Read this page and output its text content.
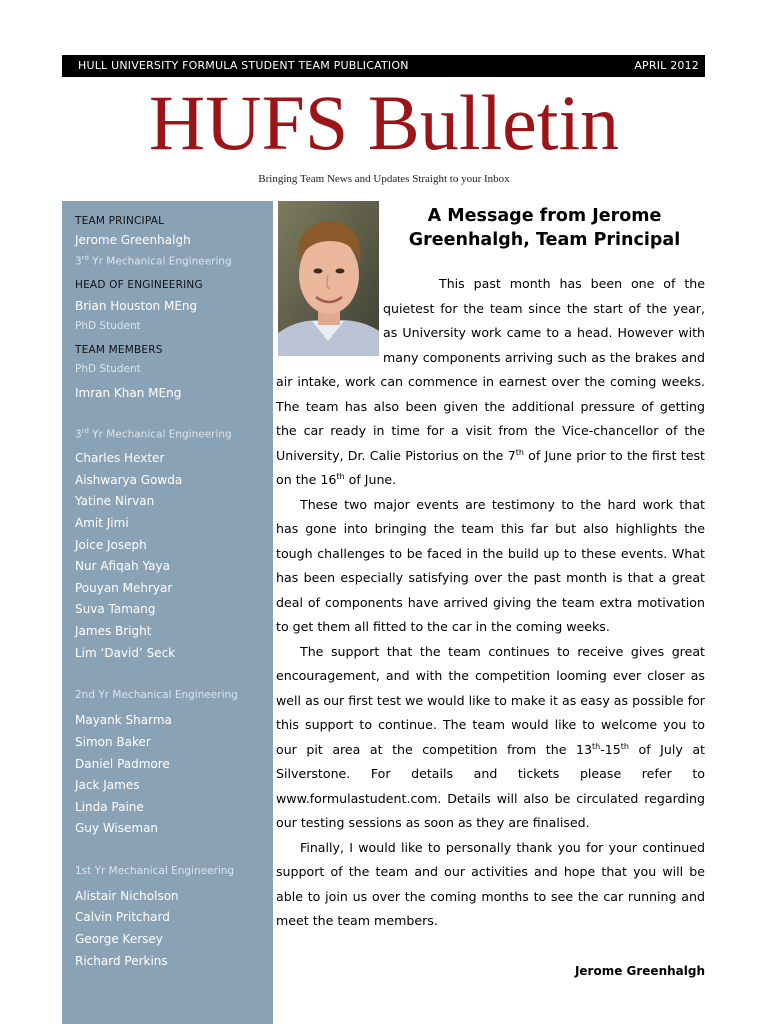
HULL UNIVERSITY FORMULA STUDENT TEAM PUBLICATION	APRIL 2012
HUFS Bulletin
Bringing Team News and Updates Straight to your Inbox
TEAM PRINCIPAL
Jerome Greenhalgh
3rd Yr Mechanical Engineering
HEAD OF ENGINEERING
Brian Houston MEng
PhD Student
TEAM MEMBERS
PhD Student
Imran Khan MEng
3rd Yr Mechanical Engineering
Charles Hexter
Aishwarya Gowda
Yatine Nirvan
Amit Jimi
Joice Joseph
Nur Afiqah Yaya
Pouyan Mehryar
Suva Tamang
James Bright
Lim ‘David’ Seck
2nd Yr Mechanical Engineering
Mayank Sharma
Simon Baker
Daniel Padmore
Jack James
Linda Paine
Guy Wiseman
1st Yr Mechanical Engineering
Alistair Nicholson
Calvin Pritchard
George Kersey
Richard Perkins
A Message from Jerome Greenhalgh, Team Principal

This past month has been one of the quietest for the team since the start of the year, as University work came to a head. However with many components arriving such as the brakes and air intake, work can commence in earnest over the coming weeks. The team has also been given the additional pressure of getting the car ready in time for a visit from the Vice-chancellor of the University, Dr. Calie Pistorius on the 7th of June prior to the first test on the 16th of June.

These two major events are testimony to the hard work that has gone into bringing the team this far but also highlights the tough challenges to be faced in the build up to these events. What has been especially satisfying over the past month is that a great deal of components have arrived giving the team extra motivation to get them all fitted to the car in the coming weeks.

The support that the team continues to receive gives great encouragement, and with the competition looming ever closer as well as our first test we would like to make it as easy as possible for this support to continue. The team would like to welcome you to our pit area at the competition from the 13th-15th of July at Silverstone. For details and tickets please refer to www.formulastudent.com. Details will also be circulated regarding our testing sessions as soon as they are finalised.

Finally, I would like to personally thank you for your continued support of the team and our activities and hope that you will be able to join us over the coming months to see the car running and meet the team members.

Jerome Greenhalgh
